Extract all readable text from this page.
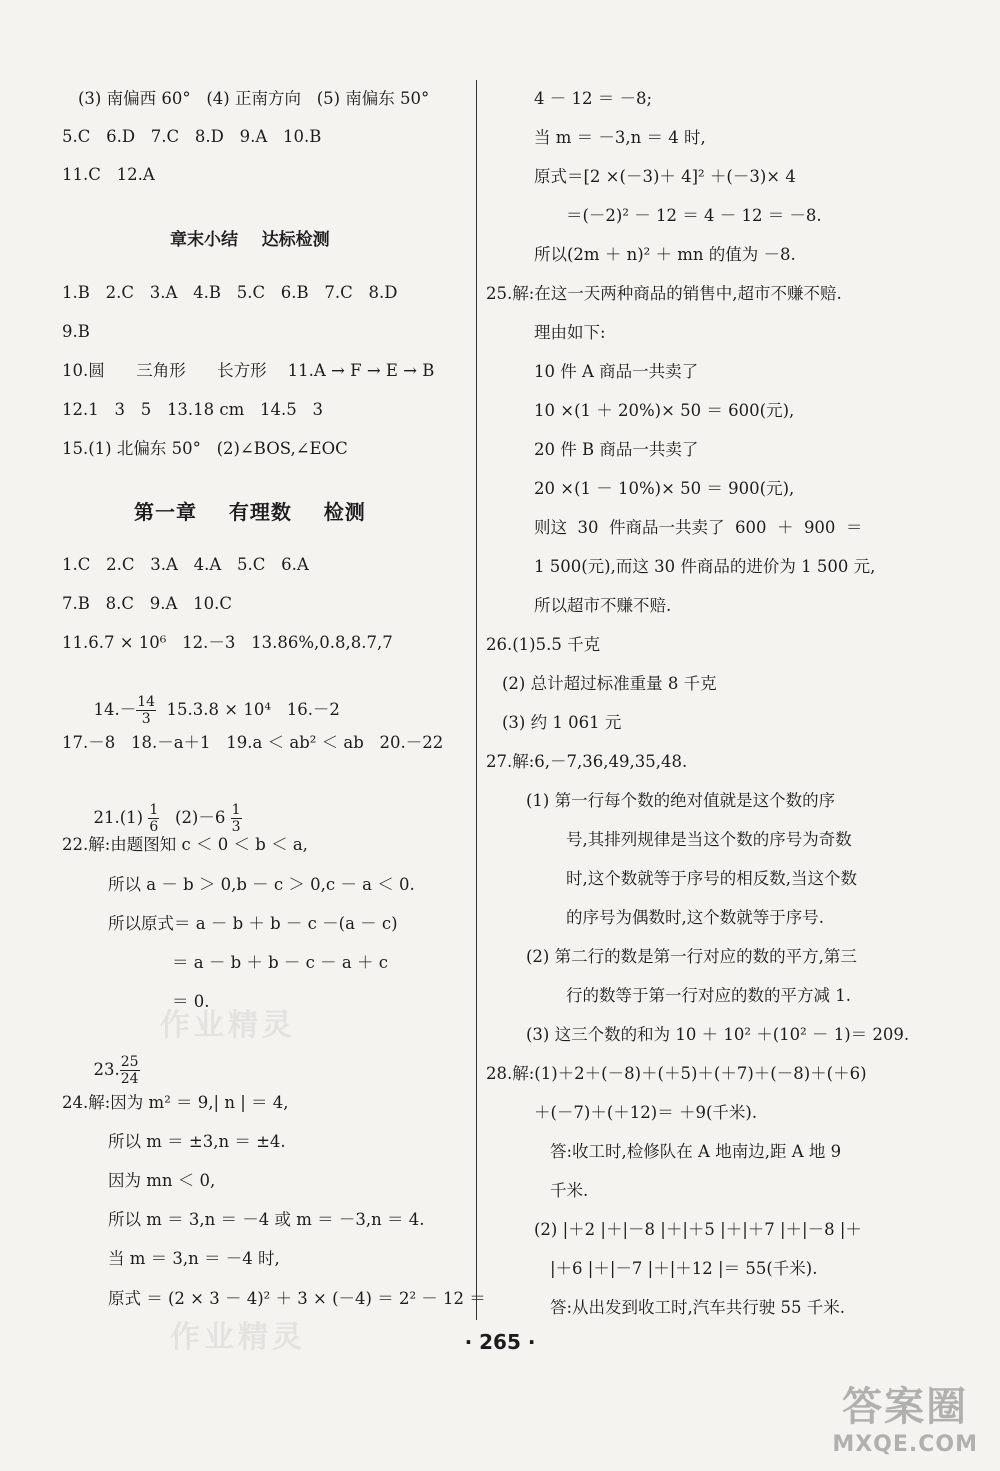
(3) 南偏西 60°   (4) 正南方向   (5) 南偏东 50°
5.C   6.D   7.C   8.D   9.A   10.B
11.C   12.A
章末小结    达标检测
1.B   2.C   3.A   4.B   5.C   6.B   7.C   8.D
9.B
10.圆      三角形      长方形    11.A → F → E → B
12.1   3   5   13.18 cm   14.5   3
15.(1) 北偏东 50°   (2)∠BOS,∠EOC
第一章    有理数    检测
1.C   2.C   3.A   4.A   5.C   6.A
7.B   8.C   9.A   10.C
11.6.7 × 10⁶   12.－3   13.86%,0.8,8.7,7

$14.- \frac{14}{3} 15.3.8 \times 10^4$   16.－2

17.－8   18.－a＋1   19.a ＜ ab² ＜ ab   20.－22

$21.(1) \frac{1}{6} (2)-6 \frac{1}{3}$

22.解:由题图知 c ＜ 0 ＜ b ＜ a,
所以 a － b ＞ 0,b － c ＞ 0,c － a ＜ 0.
所以原式＝ a － b ＋ b － c －(a － c)
＝ a － b ＋ b － c － a ＋ c
＝ 0.

23. $\frac{25}{24}$

24.解:因为 m² ＝ 9,| n | ＝ 4,
所以 m ＝ ±3,n ＝ ±4.
因为 mn ＜ 0,
所以 m ＝ 3,n ＝ －4 或 m ＝ －3,n ＝ 4.
当 m ＝ 3,n ＝ －4 时,
原式 ＝ (2 × 3 － 4)² ＋ 3 × (－4) ＝ 2² － 12 ＝
4 － 12 ＝ －8;
当 m ＝ －3,n ＝ 4 时,
原式＝[2 ×(－3)＋ 4]² ＋(－3)× 4
＝(－2)² － 12 ＝ 4 － 12 ＝ －8.
所以(2m ＋ n)² ＋ mn 的值为 －8.
25.解:在这一天两种商品的销售中,超市不赚不赔.
理由如下:
10 件 A 商品一共卖了
10 ×(1 ＋ 20%)× 50 ＝ 600(元),
20 件 B 商品一共卖了
20 ×(1 － 10%)× 50 ＝ 900(元),
则这  30  件商品一共卖了  600  ＋  900  ＝
1 500(元),而这 30 件商品的进价为 1 500 元,
所以超市不赚不赔.
26.(1)5.5 千克
(2) 总计超过标准重量 8 千克
(3) 约 1 061 元
27.解:6,－7,36,49,35,48.
(1) 第一行每个数的绝对值就是这个数的序
号,其排列规律是当这个数的序号为奇数
时,这个数就等于序号的相反数,当这个数
的序号为偶数时,这个数就等于序号.
(2) 第二行的数是第一行对应的数的平方,第三
行的数等于第一行对应的数的平方减 1.
(3) 这三个数的和为 10 ＋ 10² ＋(10² － 1)＝ 209.
28.解:(1)＋2＋(－8)＋(＋5)＋(＋7)＋(－8)＋(＋6)
＋(－7)＋(＋12)＝ ＋9(千米).
答:收工时,检修队在 A 地南边,距 A 地 9
千米.
(2) |＋2 |＋|－8 |＋|＋5 |＋|＋7 |＋|－8 |＋
|＋6 |＋|－7 |＋|＋12 |＝ 55(千米).
答:从出发到收工时,汽车共行驶 55 千米.
· 265 ·
作业精灵
作业精灵
答案圈
MXQE.COM
